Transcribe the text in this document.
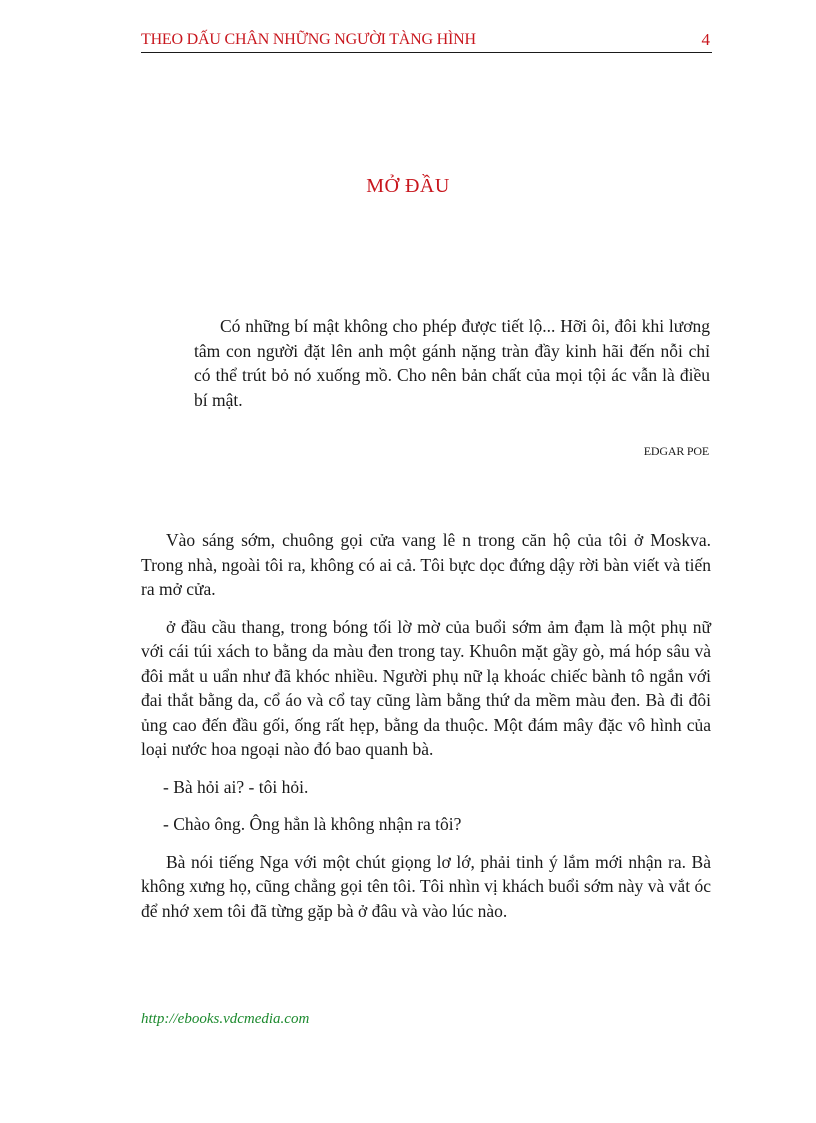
THEO DẤU CHÂN NHỮNG NGƯỜI TÀNG HÌNH	4
MỞ ĐẦU

Có những bí mật không cho phép được tiết lộ... Hỡi ôi, đôi khi lương tâm con người đặt lên anh một gánh nặng tràn đầy kinh hãi đến nỗi chỉ có thể trút bỏ nó xuống mồ. Cho nên bản chất của mọi tội ác vẫn là điều bí mật.

EDGAR POE

Vào sáng sớm, chuông gọi cửa vang lê n trong căn hộ của tôi ở Moskva. Trong nhà, ngoài tôi ra, không có ai cả. Tôi bực dọc đứng dậy rời bàn viết và tiến ra mở cửa.

ở đầu cầu thang, trong bóng tối lờ mờ của buổi sớm ảm đạm là một phụ nữ với cái túi xách to bằng da màu đen trong tay. Khuôn mặt gầy gò, má hóp sâu và đôi mắt u uẩn như đã khóc nhiều. Người phụ nữ lạ khoác chiếc bành tô ngắn với đai thắt bằng da, cổ áo và cổ tay cũng làm bằng thứ da mềm màu đen. Bà đi đôi ủng cao đến đầu gối, ống rất hẹp, bằng da thuộc. Một đám mây đặc vô hình của loại nước hoa ngoại nào đó bao quanh bà.

- Bà hỏi ai? - tôi hỏi.

- Chào ông. Ông hẳn là không nhận ra tôi?

Bà nói tiếng Nga với một chút giọng lơ lớ, phải tinh ý lắm mới nhận ra. Bà không xưng họ, cũng chẳng gọi tên tôi. Tôi nhìn vị khách buổi sớm này và vắt óc để nhớ xem tôi đã từng gặp bà ở đâu và vào lúc nào.

http://ebooks.vdcmedia.com
